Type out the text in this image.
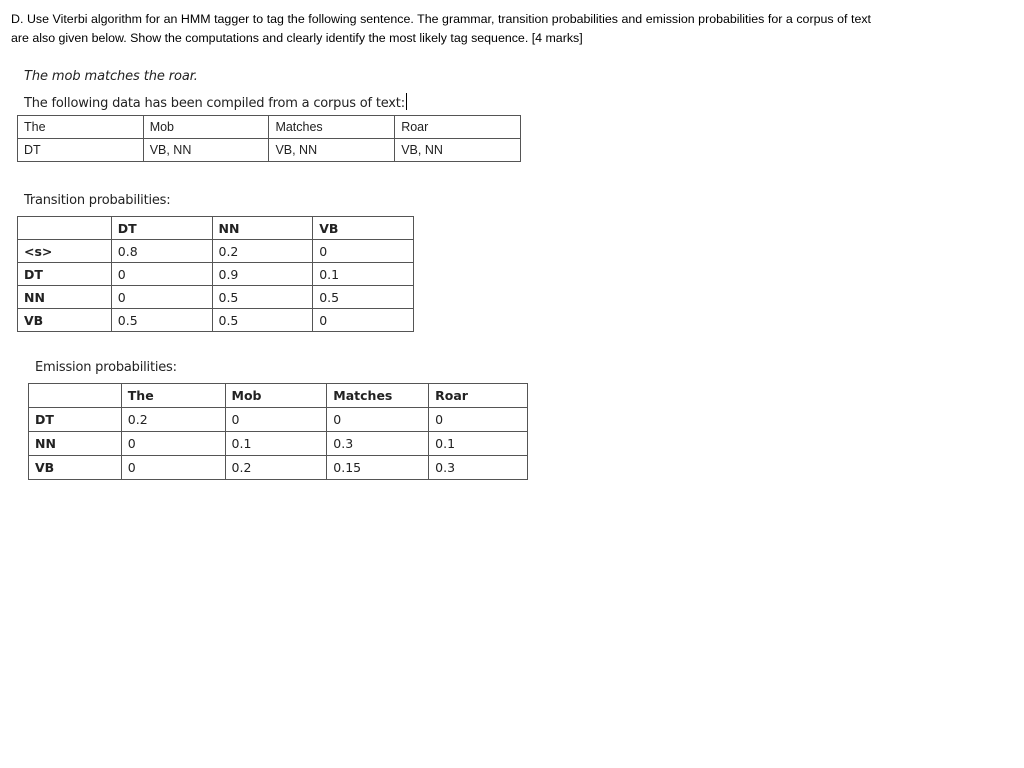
D. Use Viterbi algorithm for an HMM tagger to tag the following sentence. The grammar, transition probabilities and emission probabilities for a corpus of text are also given below. Show the computations and clearly identify the most likely tag sequence. [4 marks]
The mob matches the roar.
The following data has been compiled from a corpus of text:
The	Mob	Matches	Roar
DT	VB, NN	VB, NN	VB, NN
Transition probabilities:
	DT	NN	VB
<s>	0.8	0.2	0
DT	0	0.9	0.1
NN	0	0.5	0.5
VB	0.5	0.5	0
Emission probabilities:
	The	Mob	Matches	Roar
DT	0.2	0	0	0
NN	0	0.1	0.3	0.1
VB	0	0.2	0.15	0.3
